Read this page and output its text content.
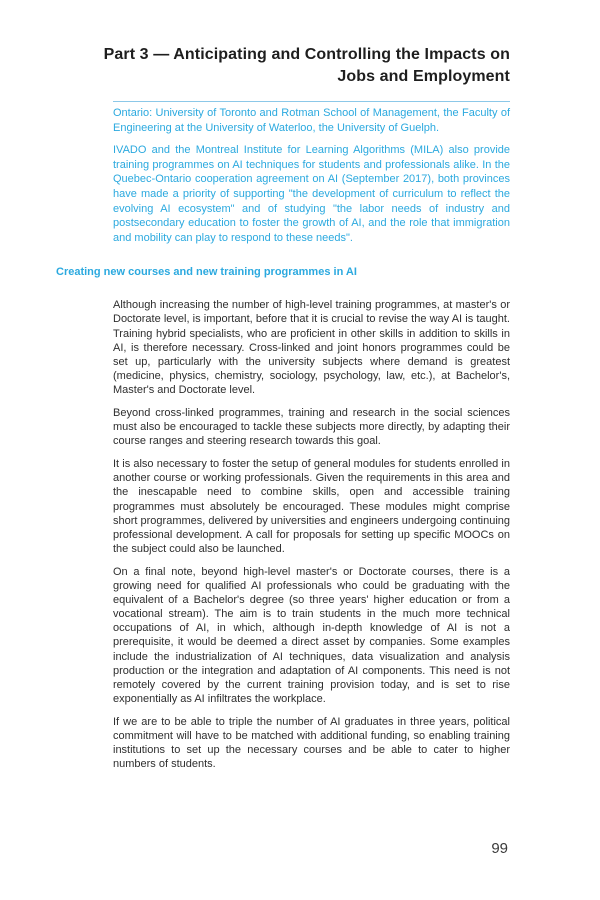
Part 3 — Anticipating and Controlling the Impacts on
Jobs and Employment

Ontario: University of Toronto and Rotman School of Management, the Faculty of Engineering at the University of Waterloo, the University of Guelph.

IVADO and the Montreal Institute for Learning Algorithms (MILA) also provide training programmes on AI techniques for students and professionals alike. In the Quebec-Ontario cooperation agreement on AI (September 2017), both provinces have made a priority of supporting "the development of curriculum to reflect the evolving AI ecosystem" and of studying "the labor needs of industry and postsecondary education to foster the growth of AI, and the role that immigration and mobility can play to respond to these needs".

Creating new courses and new training programmes in AI

Although increasing the number of high-level training programmes, at master's or Doctorate level, is important, before that it is crucial to revise the way AI is taught. Training hybrid specialists, who are proficient in other skills in addition to skills in AI, is therefore necessary. Cross-linked and joint honors programmes could be set up, particularly with the university subjects where demand is greatest (medicine, physics, chemistry, sociology, psychology, law, etc.), at Bachelor's, Master's and Doctorate level.

Beyond cross-linked programmes, training and research in the social sciences must also be encouraged to tackle these subjects more directly, by adapting their course ranges and steering research towards this goal.

It is also necessary to foster the setup of general modules for students enrolled in another course or working professionals. Given the requirements in this area and the inescapable need to combine skills, open and accessible training programmes must absolutely be encouraged. These modules might comprise short programmes, delivered by universities and engineers undergoing continuing professional development. A call for proposals for setting up specific MOOCs on the subject could also be launched.

On a final note, beyond high-level master's or Doctorate courses, there is a growing need for qualified AI professionals who could be graduating with the equivalent of a Bachelor's degree (so three years' higher education or from a vocational stream). The aim is to train students in the much more technical occupations of AI, in which, although in-depth knowledge of AI is not a prerequisite, it would be deemed a direct asset by companies. Some examples include the industrialization of AI techniques, data visualization and analysis production or the integration and adaptation of AI components. This need is not remotely covered by the current training provision today, and is set to rise exponentially as AI infiltrates the workplace.

If we are to be able to triple the number of AI graduates in three years, political commitment will have to be matched with additional funding, so enabling training institutions to set up the necessary courses and be able to cater to higher numbers of students.

99
